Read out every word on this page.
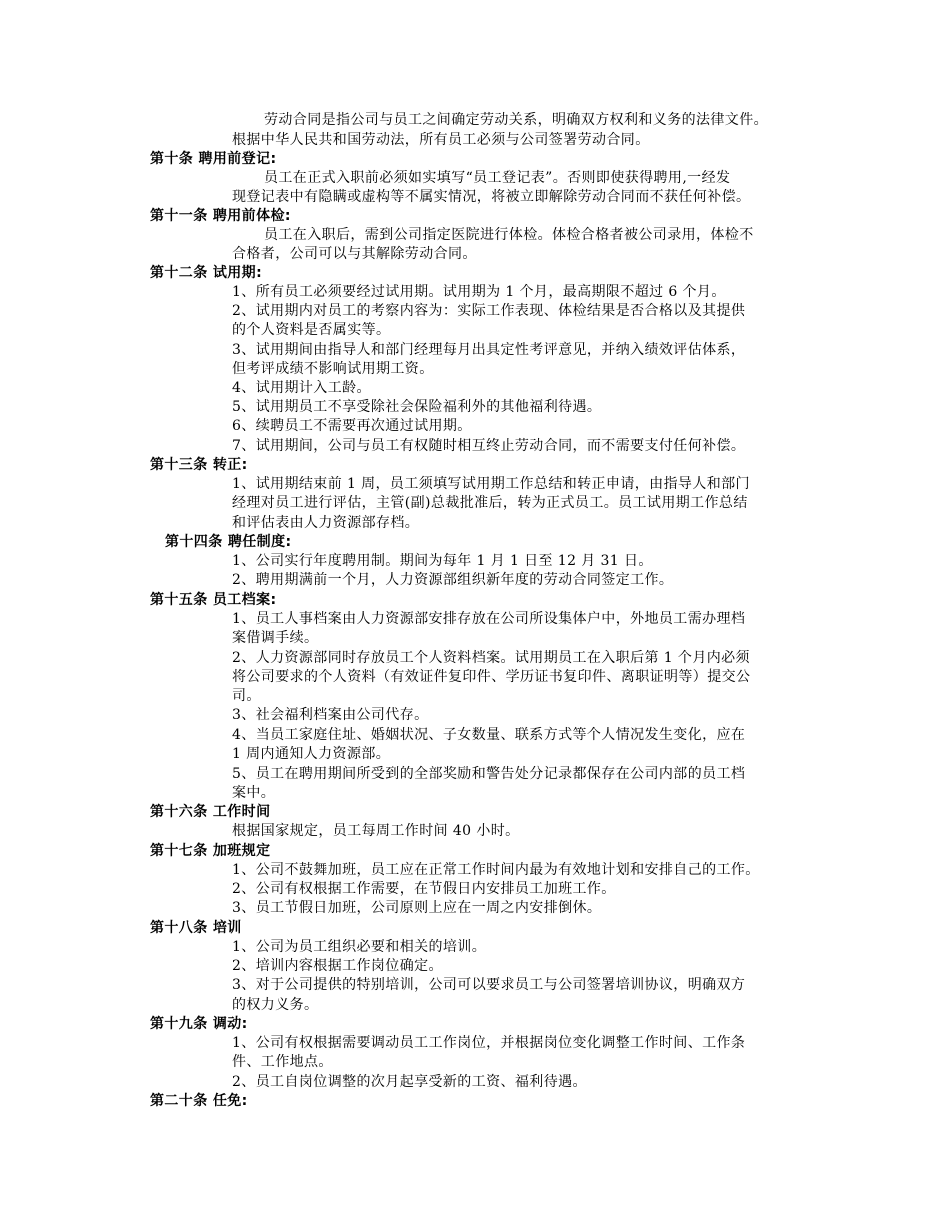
劳动合同是指公司与员工之间确定劳动关系，明确双方权利和义务的法律文件。
根据中华人民共和国劳动法，所有员工必须与公司签署劳动合同。
第十条 聘用前登记:
员工在正式入职前必须如实填写“员工登记表”。否则即使获得聘用,一经发
现登记表中有隐瞒或虚构等不属实情况，将被立即解除劳动合同而不获任何补偿。
第十一条 聘用前体检:
员工在入职后，需到公司指定医院进行体检。体检合格者被公司录用，体检不
合格者，公司可以与其解除劳动合同。
第十二条 试用期:
1、所有员工必须要经过试用期。试用期为 1 个月，最高期限不超过 6 个月。
2、试用期内对员工的考察内容为：实际工作表现、体检结果是否合格以及其提供
的个人资料是否属实等。
3、试用期间由指导人和部门经理每月出具定性考评意见，并纳入绩效评估体系，
但考评成绩不影响试用期工资。
4、试用期计入工龄。
5、试用期员工不享受除社会保险福利外的其他福利待遇。
6、续聘员工不需要再次通过试用期。
7、试用期间，公司与员工有权随时相互终止劳动合同，而不需要支付任何补偿。
第十三条 转正:
1、试用期结束前 1 周，员工须填写试用期工作总结和转正申请，由指导人和部门
经理对员工进行评估，主管(副)总裁批准后，转为正式员工。员工试用期工作总结
和评估表由人力资源部存档。
第十四条 聘任制度:
1、公司实行年度聘用制。期间为每年 1 月 1 日至 12 月 31 日。
2、聘用期满前一个月，人力资源部组织新年度的劳动合同签定工作。
第十五条 员工档案:
1、员工人事档案由人力资源部安排存放在公司所设集体户中，外地员工需办理档
案借调手续。
2、人力资源部同时存放员工个人资料档案。试用期员工在入职后第 1 个月内必须
将公司要求的个人资料（有效证件复印件、学历证书复印件、离职证明等）提交公
司。
3、社会福利档案由公司代存。
4、当员工家庭住址、婚姻状况、子女数量、联系方式等个人情况发生变化，应在
1 周内通知人力资源部。
5、员工在聘用期间所受到的全部奖励和警告处分记录都保存在公司内部的员工档
案中。
第十六条 工作时间
根据国家规定，员工每周工作时间 40 小时。
第十七条 加班规定
1、公司不鼓舞加班，员工应在正常工作时间内最为有效地计划和安排自己的工作。
2、公司有权根据工作需要，在节假日内安排员工加班工作。
3、员工节假日加班，公司原则上应在一周之内安排倒休。
第十八条 培训
1、公司为员工组织必要和相关的培训。
2、培训内容根据工作岗位确定。
3、对于公司提供的特别培训，公司可以要求员工与公司签署培训协议，明确双方
的权力义务。
第十九条 调动:
1、公司有权根据需要调动员工工作岗位，并根据岗位变化调整工作时间、工作条
件、工作地点。
2、员工自岗位调整的次月起享受新的工资、福利待遇。
第二十条 任免:
